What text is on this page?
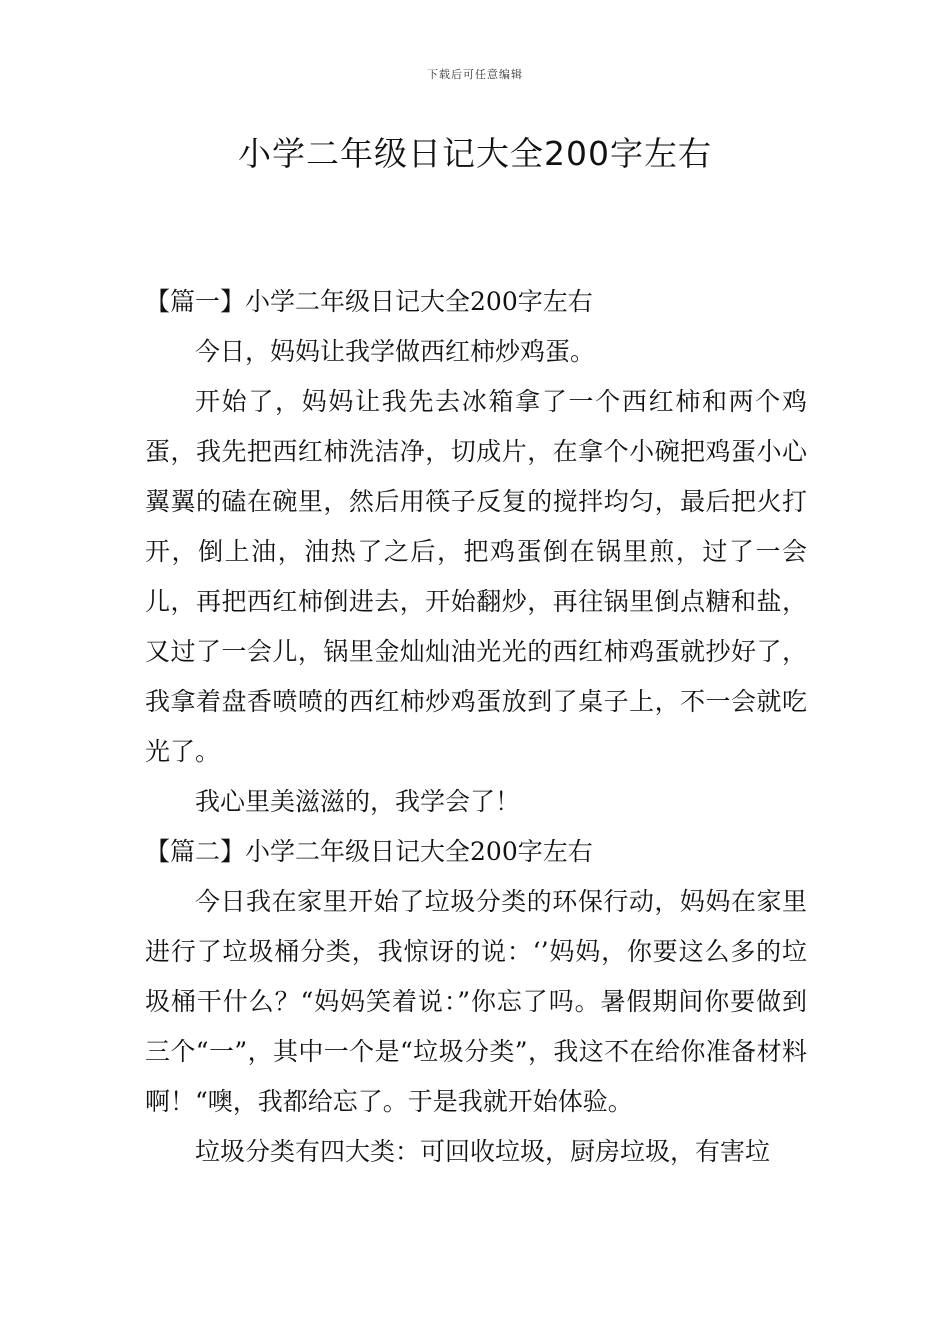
下载后可任意编辑
小学二年级日记大全200字左右

【篇一】小学二年级日记大全200字左右

今日，妈妈让我学做西红柿炒鸡蛋。

开始了，妈妈让我先去冰箱拿了一个西红柿和两个鸡蛋，我先把西红柿洗洁净，切成片，在拿个小碗把鸡蛋小心翼翼的磕在碗里，然后用筷子反复的搅拌均匀，最后把火打开，倒上油，油热了之后，把鸡蛋倒在锅里煎，过了一会儿，再把西红柿倒进去，开始翻炒，再往锅里倒点糖和盐，又过了一会儿，锅里金灿灿油光光的西红柿鸡蛋就抄好了，我拿着盘香喷喷的西红柿炒鸡蛋放到了桌子上，不一会就吃光了。

我心里美滋滋的，我学会了！

【篇二】小学二年级日记大全200字左右

今日我在家里开始了垃圾分类的环保行动，妈妈在家里进行了垃圾桶分类，我惊讶的说：‘’妈妈，你要这么多的垃圾桶干什么？“妈妈笑着说：”你忘了吗。暑假期间你要做到三个“一”，其中一个是“垃圾分类”，我这不在给你准备材料啊！“噢，我都给忘了。于是我就开始体验。

垃圾分类有四大类：可回收垃圾，厨房垃圾，有害垃
